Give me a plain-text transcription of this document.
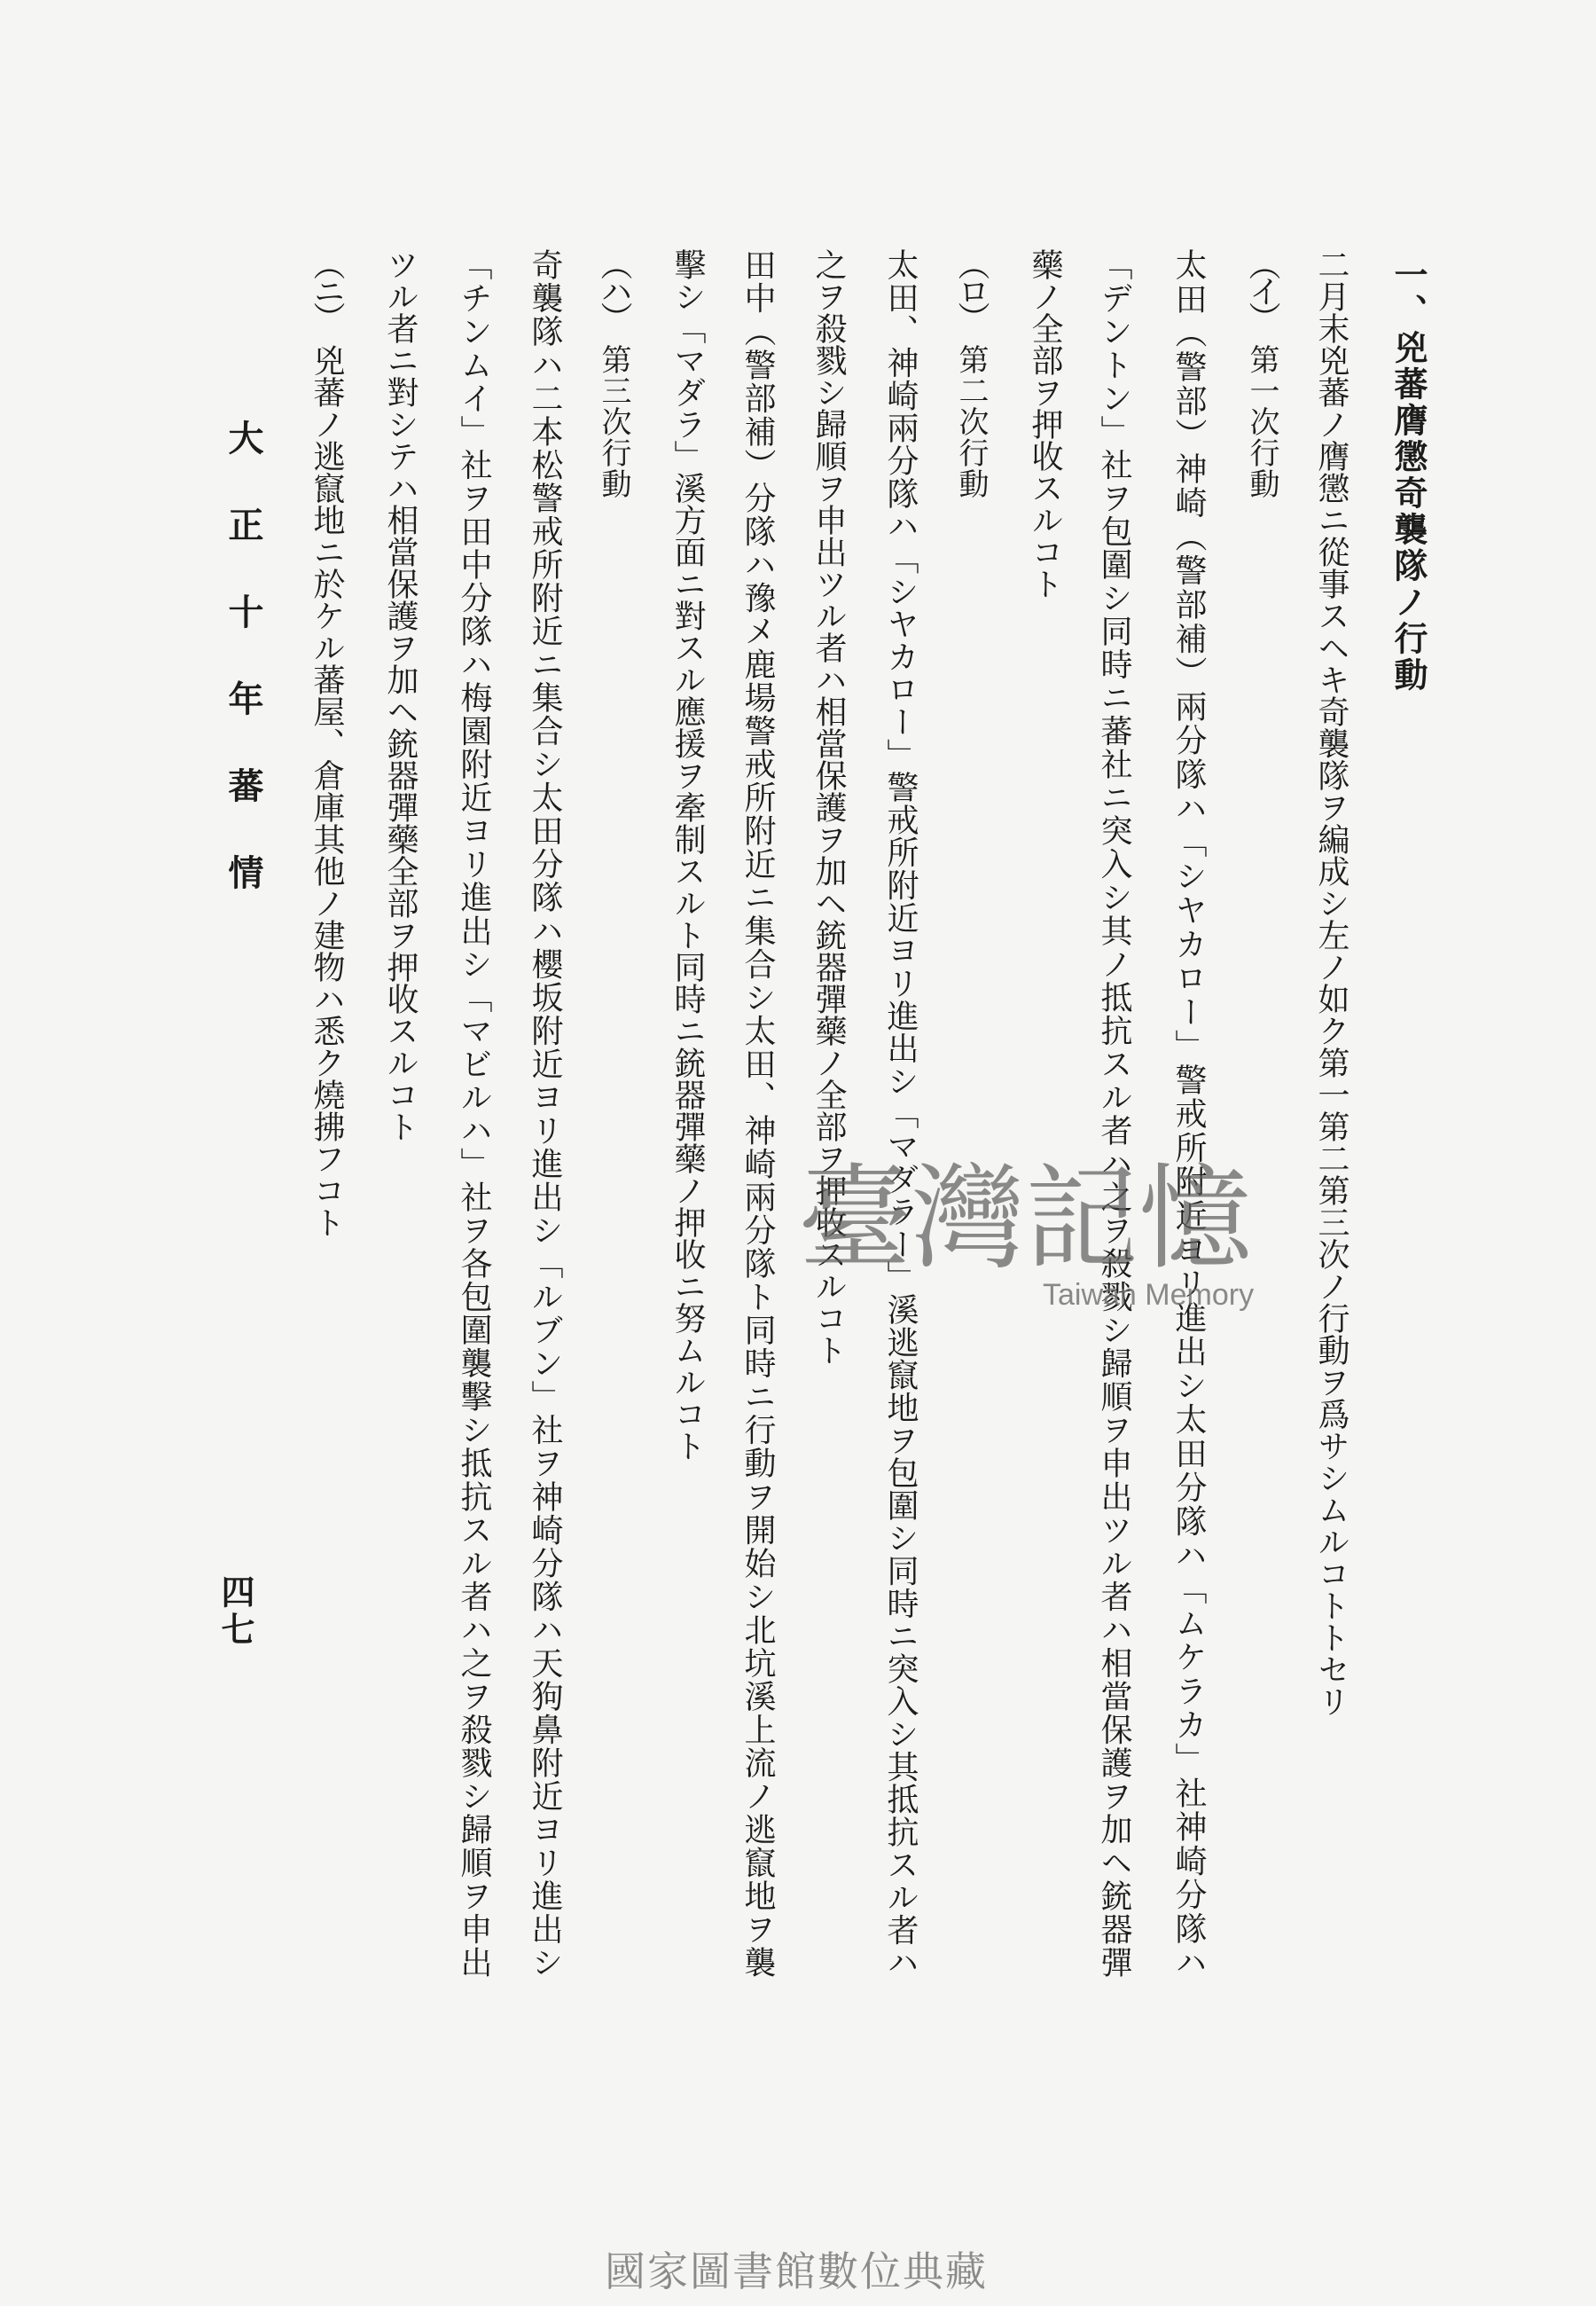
一、兇蕃膺懲奇襲隊ノ行動
二月末兇蕃ノ膺懲ニ從事スヘキ奇襲隊ヲ編成シ左ノ如ク第一第二第三次ノ行動ヲ爲サシムルコトトセリ
（イ）第一次行動
太田（警部）神崎（警部補）兩分隊ハ「シヤカロー」警戒所附近ヨリ進出シ太田分隊ハ「ムケラカ」社神崎分隊ハ
「デントン」社ヲ包圍シ同時ニ蕃社ニ突入シ其ノ抵抗スル者ハ之ヲ殺戮シ歸順ヲ申出ツル者ハ相當保護ヲ加ヘ銃器彈
藥ノ全部ヲ押收スルコト
（ロ）第二次行動
太田、神崎兩分隊ハ「シヤカロー」警戒所附近ヨリ進出シ「マダラー」溪逃竄地ヲ包圍シ同時ニ突入シ其抵抗スル者ハ
之ヲ殺戮シ歸順ヲ申出ツル者ハ相當保護ヲ加ヘ銃器彈藥ノ全部ヲ押收スルコト
田中（警部補）分隊ハ豫メ鹿場警戒所附近ニ集合シ太田、神崎兩分隊ト同時ニ行動ヲ開始シ北坑溪上流ノ逃竄地ヲ襲
擊シ「マダラ」溪方面ニ對スル應援ヲ牽制スルト同時ニ銃器彈藥ノ押收ニ努ムルコト
（ハ）第三次行動
奇襲隊ハ二本松警戒所附近ニ集合シ太田分隊ハ櫻坂附近ヨリ進出シ「ルブン」社ヲ神崎分隊ハ天狗鼻附近ヨリ進出シ
「チンムイ」社ヲ田中分隊ハ梅園附近ヨリ進出シ「マビルハ」社ヲ各包圍襲擊シ抵抗スル者ハ之ヲ殺戮シ歸順ヲ申出
ツル者ニ對シテハ相當保護ヲ加ヘ銃器彈藥全部ヲ押收スルコト
（ニ）兇蕃ノ逃竄地ニ於ケル蕃屋、倉庫其他ノ建物ハ悉ク燒拂フコト
大正十年蕃情
四七
臺灣記憶
Taiwan Memory
國家圖書館數位典藏
